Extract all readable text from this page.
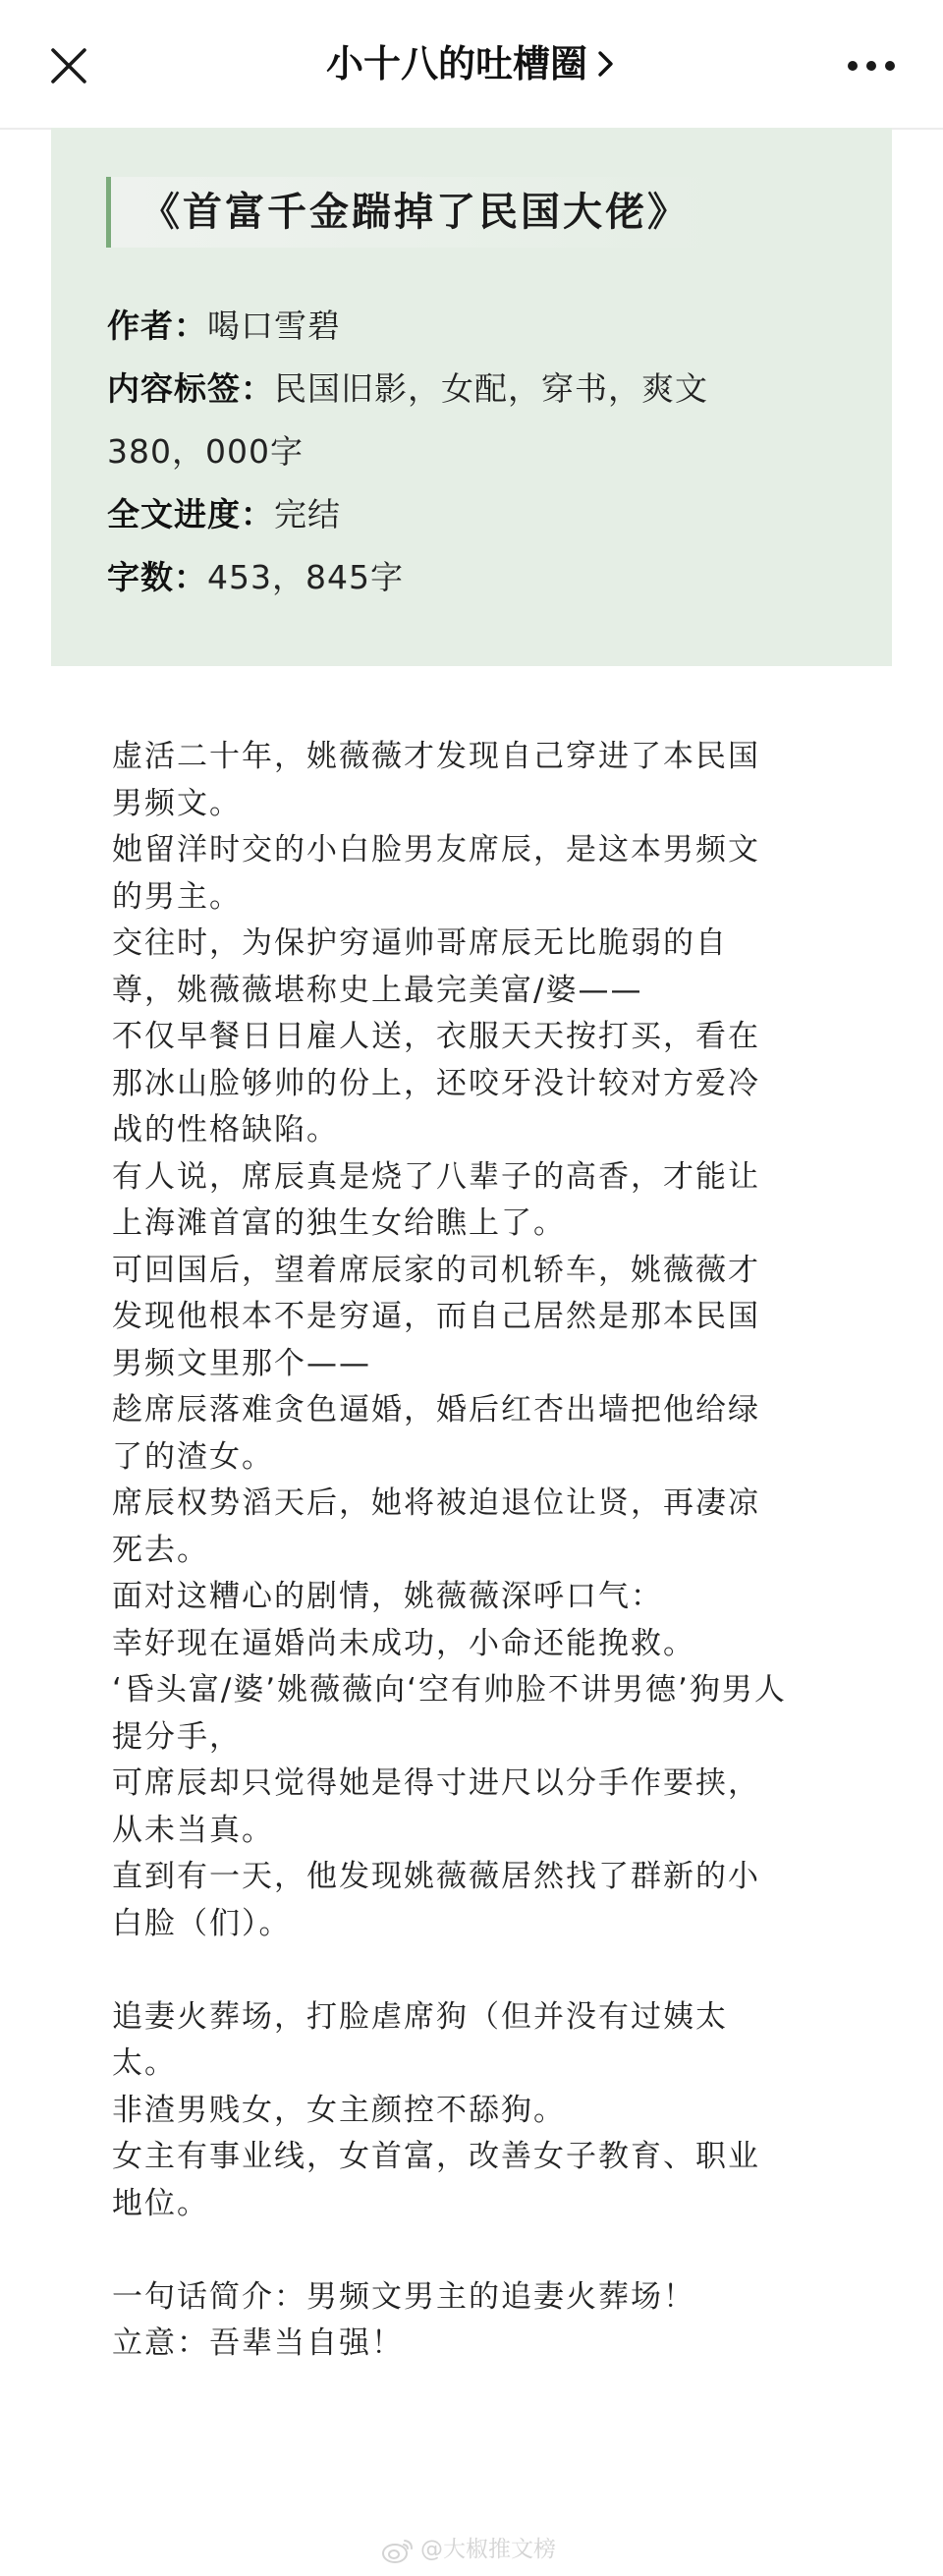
小十八的吐槽圈
《首富千金踹掉了民国大佬》
作者：喝口雪碧
内容标签：民国旧影，女配，穿书，爽文
380，000字
全文进度：完结
字数：453，845字
虚活二十年，姚薇薇才发现自己穿进了本民国
男频文。
她留洋时交的小白脸男友席辰，是这本男频文
的男主。
交往时，为保护穷逼帅哥席辰无比脆弱的自
尊，姚薇薇堪称史上最完美富/婆——
不仅早餐日日雇人送，衣服天天按打买，看在
那冰山脸够帅的份上，还咬牙没计较对方爱冷
战的性格缺陷。
有人说，席辰真是烧了八辈子的高香，才能让
上海滩首富的独生女给瞧上了。
可回国后，望着席辰家的司机轿车，姚薇薇才
发现他根本不是穷逼，而自己居然是那本民国
男频文里那个——
趁席辰落难贪色逼婚，婚后红杏出墙把他给绿
了的渣女。
席辰权势滔天后，她将被迫退位让贤，再凄凉
死去。
面对这糟心的剧情，姚薇薇深呼口气：
幸好现在逼婚尚未成功，小命还能挽救。
‘昏头富/婆’姚薇薇向‘空有帅脸不讲男德’狗男人
提分手，
可席辰却只觉得她是得寸进尺以分手作要挟，
从未当真。
直到有一天，他发现姚薇薇居然找了群新的小
白脸（们）。
追妻火葬场，打脸虐席狗（但并没有过姨太
太。
非渣男贱女，女主颜控不舔狗。
女主有事业线，女首富，改善女子教育、职业
地位。
一句话简介：男频文男主的追妻火葬场！
立意：吾辈当自强！
@大椒推文榜
